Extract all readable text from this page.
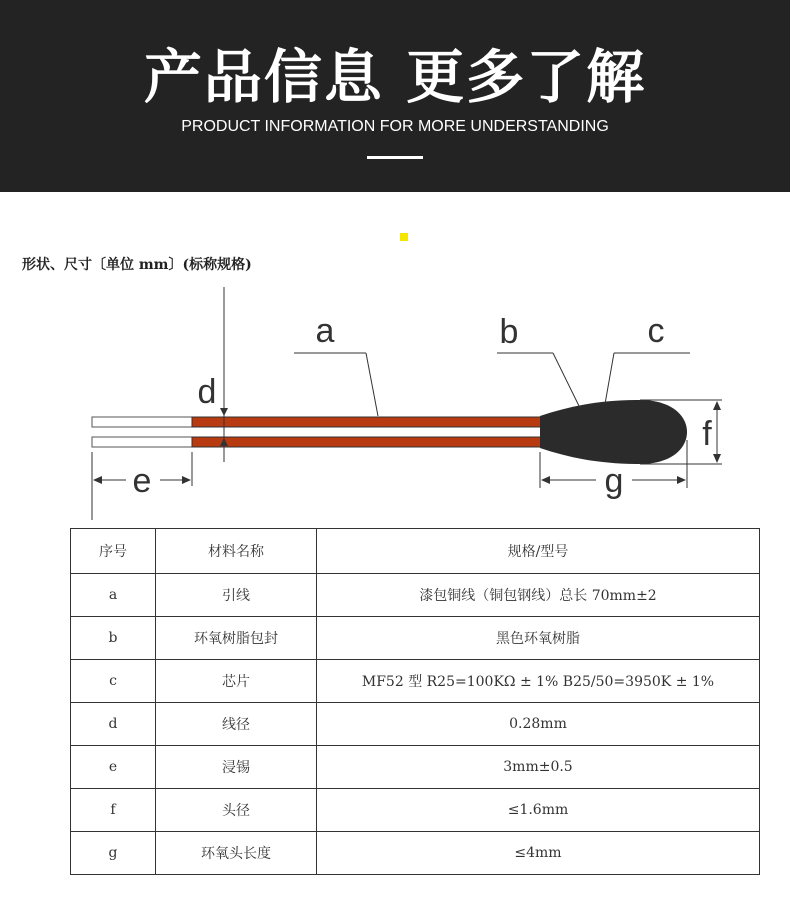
产品信息 更多了解
PRODUCT INFORMATION FOR MORE UNDERSTANDING
形状、尺寸〔单位 mm〕(标称规格)
a	b	c
d
e
f
g
序号	材料名称	规格/型号
a	引线	漆包铜线（铜包钢线）总长 70mm±2
b	环氧树脂包封	黑色环氧树脂
c	芯片	MF52 型 R25=100KΩ ± 1% B25/50=3950K ± 1%
d	线径	0.28mm
e	浸锡	3mm±0.5
f	头径	≤1.6mm
g	环氧头长度	≤4mm
